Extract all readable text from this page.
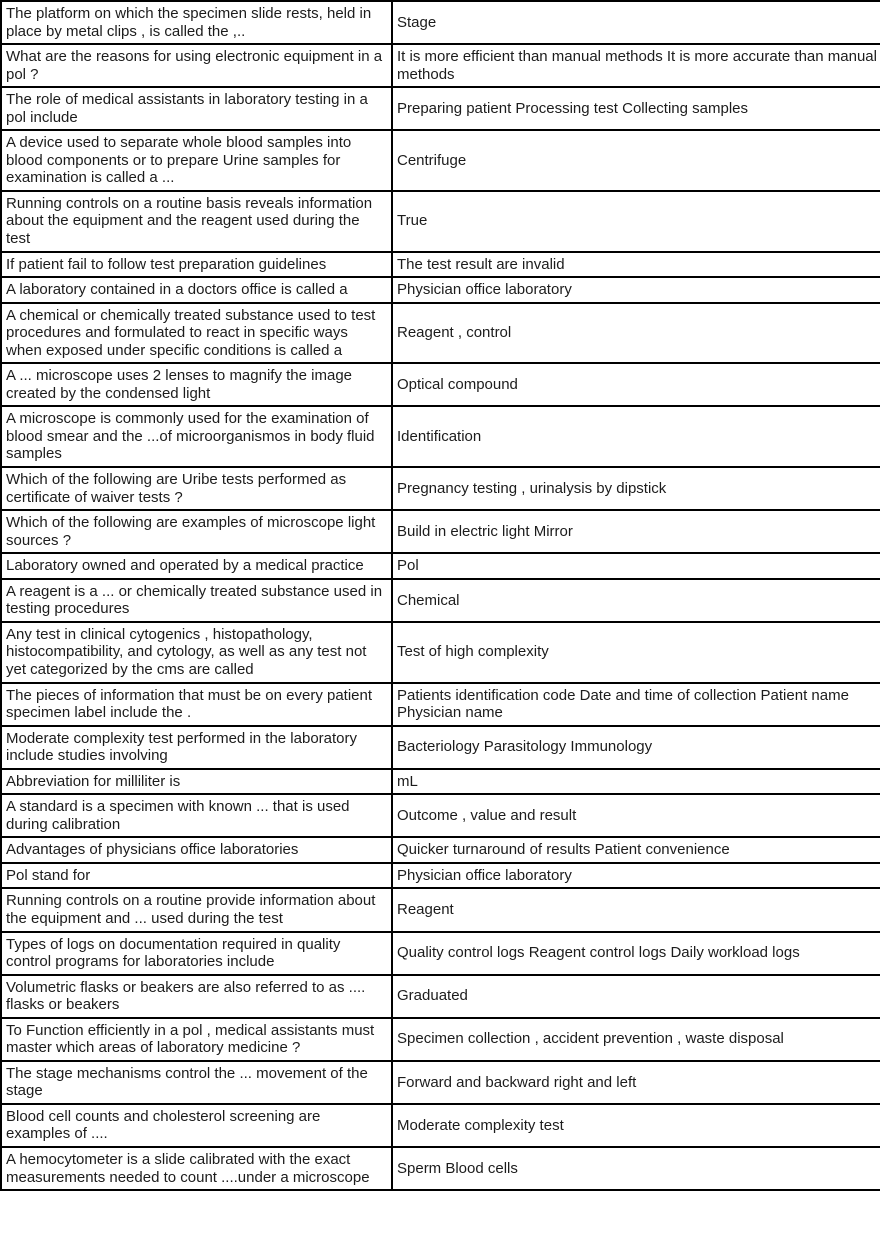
The platform on which the specimen slide rests, held in place by metal clips , is called the ,..	Stage
What are the reasons for using electronic equipment in a pol ?	It is more efficient than manual methods It is more accurate than manual methods
The role of medical assistants in laboratory testing in a pol include	Preparing patient Processing test Collecting samples
A device used to separate whole blood samples into blood components or to prepare Urine samples for examination is called a ...	Centrifuge
Running controls on a routine basis reveals information about the equipment and the reagent used during the test	True
If patient fail to follow test preparation guidelines	The test result are invalid
A laboratory contained in a doctors office is called a	Physician office laboratory
A chemical or chemically treated substance used to test procedures and formulated to react in specific ways when exposed under specific conditions is called a	Reagent , control
A ... microscope uses 2 lenses to magnify the image created by the condensed light	Optical compound
A microscope is commonly used for the examination of blood smear and the ...of microorganismos in body fluid samples	Identification
Which of the following are Uribe tests performed as certificate of waiver tests ?	Pregnancy testing , urinalysis by dipstick
Which of the following are examples of microscope light sources ?	Build in electric light Mirror
Laboratory owned and operated by a medical practice	Pol
A reagent is a ... or chemically treated substance used in testing procedures	Chemical
Any test in clinical cytogenics , histopathology, histocompatibility, and cytology, as well as any test not yet categorized by the cms are called	Test of high complexity
The pieces of information that must be on every patient specimen label include the .	Patients identification code Date and time of collection Patient name Physician name
Moderate complexity test performed in the laboratory include studies involving	Bacteriology Parasitology Immunology
Abbreviation for milliliter is	mL
A standard is a specimen with known ... that is used during calibration	Outcome , value and result
Advantages of physicians office laboratories	Quicker turnaround of results Patient convenience
Pol stand for	Physician office laboratory
Running controls on a routine provide information about the equipment and ... used during the test	Reagent
Types of logs on documentation required in quality control programs for laboratories include	Quality control logs Reagent control logs Daily workload logs
Volumetric flasks or beakers are also referred to as .... flasks or beakers	Graduated
To Function efficiently in a pol , medical assistants must master which areas of laboratory medicine ?	Specimen collection , accident prevention , waste disposal
The stage mechanisms control the ... movement of the stage	Forward and backward right and left
Blood cell counts and cholesterol screening are examples of ....	Moderate complexity test
A hemocytometer is a slide calibrated with the exact measurements needed to count ....under a microscope	Sperm Blood cells
